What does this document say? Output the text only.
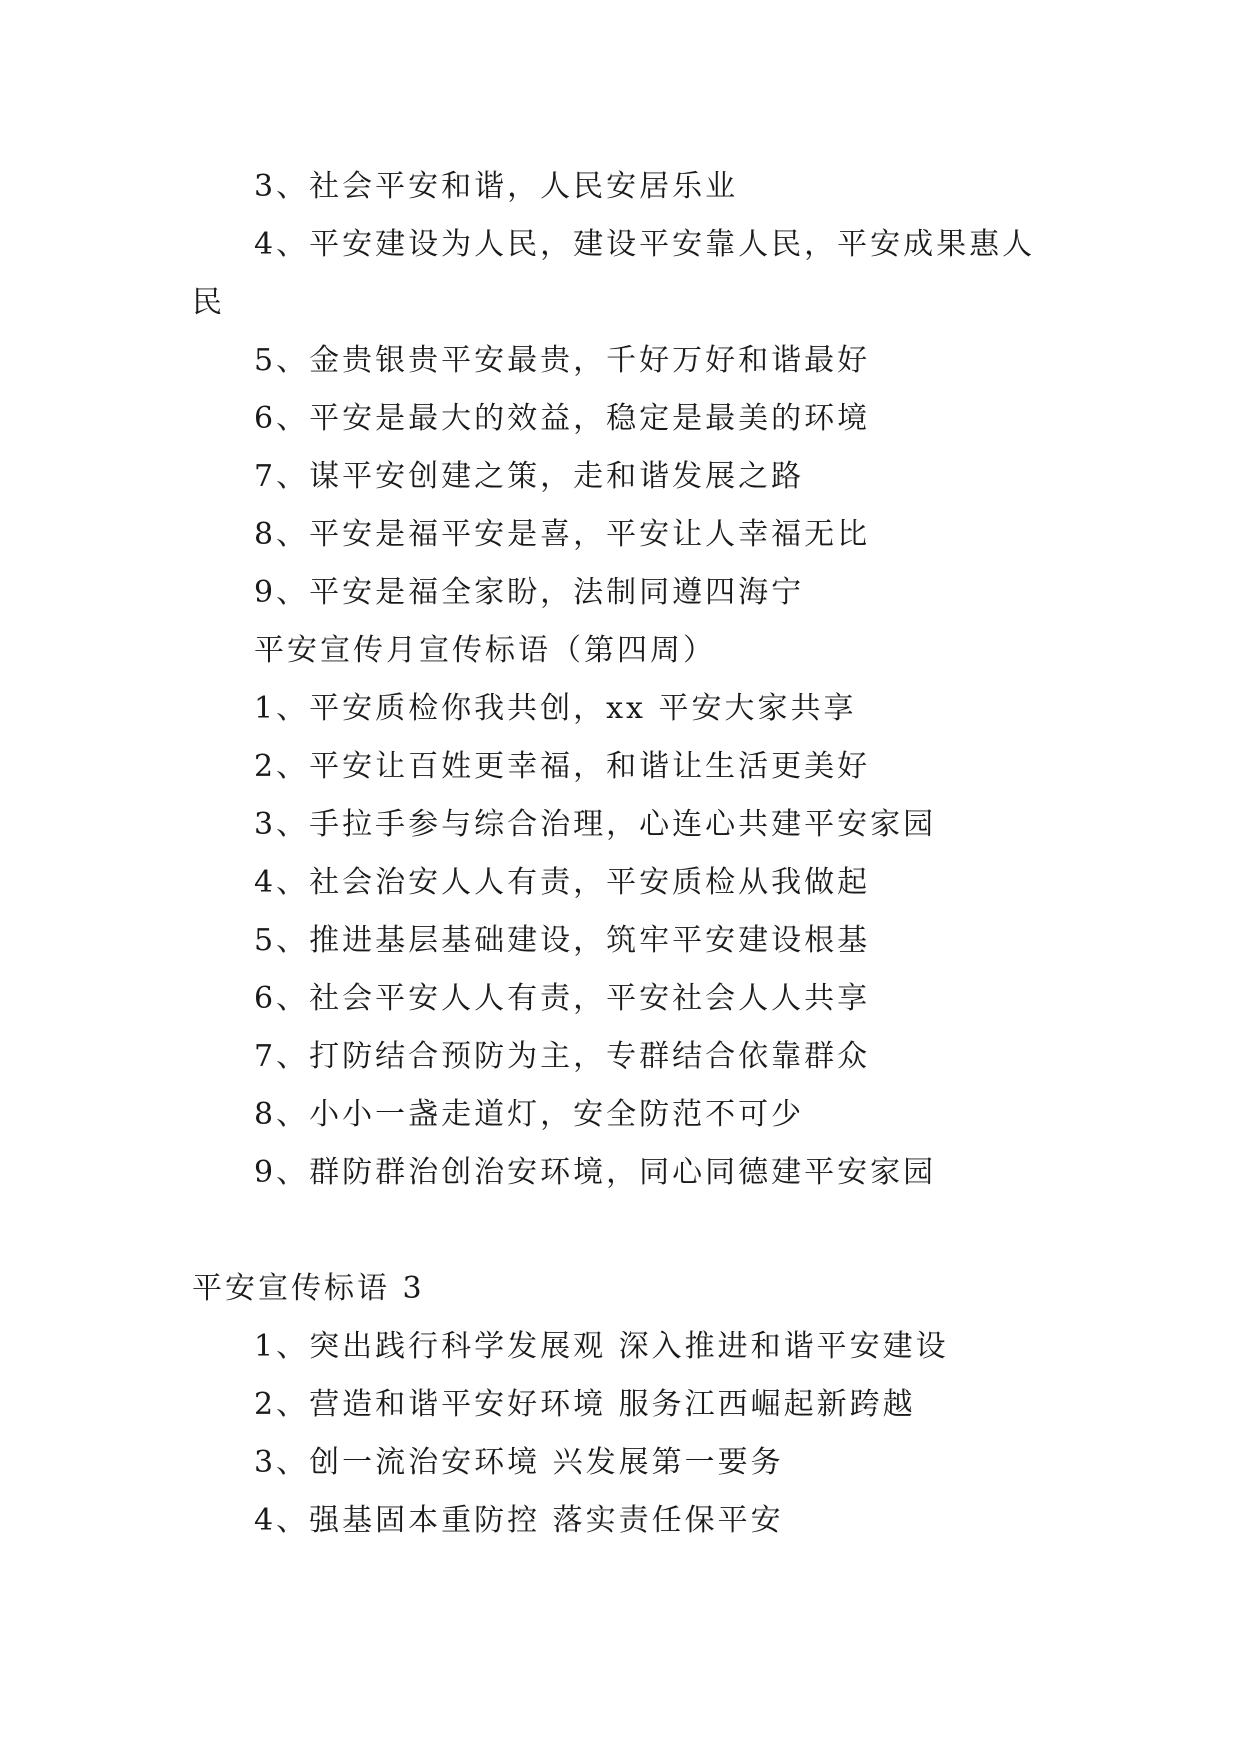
3、社会平安和谐，人民安居乐业

4、平安建设为人民，建设平安靠人民，平安成果惠人

民

5、金贵银贵平安最贵，千好万好和谐最好

6、平安是最大的效益，稳定是最美的环境

7、谋平安创建之策，走和谐发展之路

8、平安是福平安是喜，平安让人幸福无比

9、平安是福全家盼，法制同遵四海宁

平安宣传月宣传标语（第四周）

1、平安质检你我共创，xx 平安大家共享

2、平安让百姓更幸福，和谐让生活更美好

3、手拉手参与综合治理，心连心共建平安家园

4、社会治安人人有责，平安质检从我做起

5、推进基层基础建设，筑牢平安建设根基

6、社会平安人人有责，平安社会人人共享

7、打防结合预防为主，专群结合依靠群众

8、小小一盏走道灯，安全防范不可少

9、群防群治创治安环境，同心同德建平安家园

平安宣传标语 3

1、突出践行科学发展观 深入推进和谐平安建设

2、营造和谐平安好环境 服务江西崛起新跨越

3、创一流治安环境 兴发展第一要务

4、强基固本重防控 落实责任保平安
